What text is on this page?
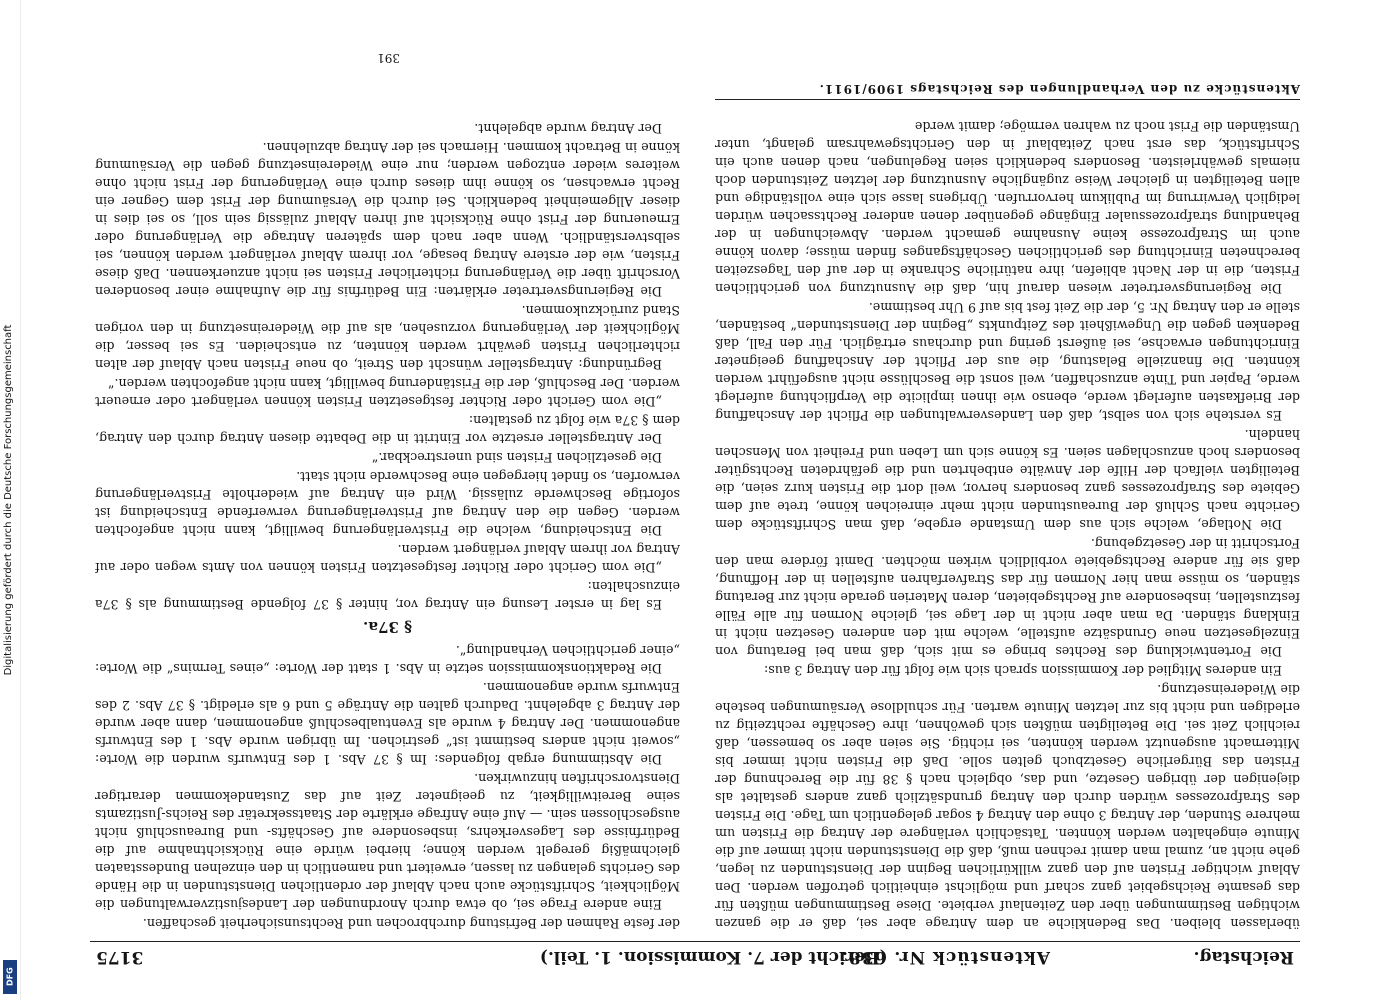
Digitalisierung gefördert durch die Deutsche Forschungsgemeinschaft
DFG
Reichstag.
Aktenstück Nr. 638.
(Bericht der 7. Kommission. 1. Teil.)                                                                   3175

überlassen bleiben. Das Bedenkliche an dem Antrage aber sei, daß er die ganzen wichtigen Bestimmungen über den Zeitenlauf verbiete. Diese Bestimmungen müßten für das gesamte Reichsgebiet ganz scharf und möglichst einheitlich getroffen werden. Den Ablauf wichtiger Fristen auf den ganz willkürlichen Beginn der Dienststunden zu legen, gehe nicht an, zumal man damit rechnen muß, daß die Dienststunden nicht immer auf die Minute eingehalten werden könnten. Tatsächlich verlängere der Antrag die Fristen um mehrere Stunden, der Antrag 3 ohne den Antrag 4 sogar gelegentlich um Tage. Die Fristen des Strafprozesses würden durch den Antrag grundsätzlich ganz anders gestaltet als diejenigen der übrigen Gesetze, und das, obgleich nach § 38 für die Berechnung der Fristen das Bürgerliche Gesetzbuch gelten solle. Daß die Fristen nicht immer bis Mitternacht ausgenutzt werden könnten, sei richtig. Sie seien aber so bemessen, daß reichlich Zeit sei. Die Beteiligten müßten sich gewöhnen, ihre Geschäfte rechtzeitig zu erledigen und nicht bis zur letzten Minute warten. Für schuldlose Versäumungen bestehe die Wiedereinsetzung.

Ein anderes Mitglied der Kommission sprach sich wie folgt für den Antrag 3 aus:

Die Fortentwicklung des Rechtes bringe es mit sich, daß man bei Beratung von Einzelgesetzen neue Grundsätze aufstelle, welche mit den anderen Gesetzen nicht in Einklang ständen. Da man aber nicht in der Lage sei, gleiche Normen für alle Fälle festzustellen, insbesondere auf Rechtsgebieten, deren Materien gerade nicht zur Beratung ständen, so müsse man hier Normen für das Strafverfahren aufstellen in der Hoffnung, daß sie für andere Rechtsgebiete vorbildlich wirken möchten. Damit fördere man den Fortschritt in der Gesetzgebung.

Die Notlage, welche sich aus dem Umstande ergebe, daß man Schriftstücke dem Gerichte nach Schluß der Bureaustunden nicht mehr einreichen könne, trete auf dem Gebiete des Strafprozesses ganz besonders hervor, weil dort die Fristen kurz seien, die Beteiligten vielfach der Hilfe der Anwälte entbehrten und die gefährdeten Rechtsgüter besonders hoch anzuschlagen seien. Es könne sich um Leben und Freiheit von Menschen handeln.

Es verstehe sich von selbst, daß den Landesverwaltungen die Pflicht der Anschaffung der Briefkasten auferlegt werde, ebenso wie ihnen implicite die Verpflichtung auferlegt werde, Papier und Tinte anzuschaffen, weil sonst die Beschlüsse nicht ausgeführt werden könnten. Die finanzielle Belastung, die aus der Pflicht der Anschaffung geeigneter Einrichtungen erwachse, sei äußerst gering und durchaus erträglich. Für den Fall, daß Bedenken gegen die Ungewißheit des Zeitpunkts „Beginn der Dienststunden“ beständen, stelle er den Antrag Nr. 5, der die Zeit fest bis auf 9 Uhr bestimme.

Die Regierungsvertreter wiesen darauf hin, daß die Ausnutzung von gerichtlichen Fristen, die in der Nacht abliefen, ihre natürliche Schranke in der auf den Tageszeiten berechneten Einrichtung des gerichtlichen Geschäftsganges finden müsse; davon könne auch im Strafprozesse keine Ausnahme gemacht werden. Abweichungen in der Behandlung strafprozessualer Eingänge gegenüber denen anderer Rechtssachen würden lediglich Verwirrung im Publikum hervorrufen. Übrigens lasse sich eine vollständige und allen Beteiligten in gleicher Weise zugängliche Ausnutzung der letzten Zeitstunden doch niemals gewährleisten. Besonders bedenklich seien Regelungen, nach denen auch ein Schriftstück, das erst nach Zeitablauf in den Gerichtsgewahrsam gelangt, unter Umständen die Frist noch zu wahren vermöge; damit werde

der feste Rahmen der Befristung durchbrochen und Rechtsunsicherheit geschaffen.

Eine andere Frage sei, ob etwa durch Anordnungen der Landesjustizverwaltungen die Möglichkeit, Schriftstücke auch nach Ablauf der ordentlichen Dienststunden in die Hände des Gerichts gelangen zu lassen, erweitert und namentlich in den einzelnen Bundesstaaten gleichmäßig geregelt werden könne; hierbei würde eine Rücksichtnahme auf die Bedürfnisse des Lagesverkehrs, insbesondere auf Geschäfts- und Bureauschluß nicht ausgeschlossen sein. — Auf eine Anfrage erklärte der Staatssekretär des Reichs-Justizamts seine Bereitwilligkeit, zu geeigneter Zeit auf das Zustandekommen derartiger Dienstvorschriften hinzuwirken.

Die Abstimmung ergab folgendes: Im § 37 Abs. 1 des Entwurfs wurden die Worte: „soweit nicht anders bestimmt ist“ gestrichen. Im übrigen wurde Abs. 1 des Entwurfs angenommen. Der Antrag 4 wurde als Eventualbeschluß angenommen, dann aber wurde der Antrag 3 abgelehnt. Dadurch galten die Anträge 5 und 6 als erledigt. § 37 Abs. 2 des Entwurfs wurde angenommen.

Die Redaktionskommission setzte in Abs. 1 statt der Worte: „eines Termins“ die Worte: „einer gerichtlichen Verhandlung“.

§ 37a.

Es lag in erster Lesung ein Antrag vor, hinter § 37 folgende Bestimmung als § 37a einzuschalten:

„Die vom Gericht oder Richter festgesetzten Fristen können von Amts wegen oder auf Antrag vor ihrem Ablauf verlängert werden.

Die Entscheidung, welche die Fristverlängerung bewilligt, kann nicht angefochten werden. Gegen die den Antrag auf Fristverlängerung verwerfende Entscheidung ist sofortige Beschwerde zulässig. Wird ein Antrag auf wiederholte Fristverlängerung verworfen, so findet hiergegen eine Beschwerde nicht statt.

Die gesetzlichen Fristen sind unerstreckbar.“

Der Antragsteller ersetzte vor Eintritt in die Debatte diesen Antrag durch den Antrag, dem § 37a wie folgt zu gestalten:

„Die vom Gericht oder Richter festgesetzten Fristen können verlängert oder erneuert werden. Der Beschluß, der die Friständerung bewilligt, kann nicht angefochten werden.“

Begründung: Antragsteller wünscht den Streit, ob neue Fristen nach Ablauf der alten richterlichen Fristen gewährt werden könnten, zu entscheiden. Es sei besser, die Möglichkeit der Verlängerung vorzusehen, als auf die Wiedereinsetzung in den vorigen Stand zurückzukommen.

Die Regierungsvertreter erklärten: Ein Bedürfnis für die Aufnahme einer besonderen Vorschrift über die Verlängerung richterlicher Fristen sei nicht anzuerkennen. Daß diese Fristen, wie der erstere Antrag besage, vor ihrem Ablauf verlängert werden können, sei selbstverständlich. Wenn aber nach dem späteren Antrage die Verlängerung oder Erneuerung der Frist ohne Rücksicht auf ihren Ablauf zulässig sein soll, so sei dies in dieser Allgemeinheit bedenklich. Sei durch die Versäumung der Frist dem Gegner ein Recht erwachsen, so könne ihm dieses durch eine Verlängerung der Frist nicht ohne weiteres wieder entzogen werden; nur eine Wiedereinsetzung gegen die Versäumung könne in Betracht kommen. Hiernach sei der Antrag abzulehnen.

Der Antrag wurde abgelehnt.

Aktenstücke zu den Verhandlungen des Reichstags 1909/1911.
391
